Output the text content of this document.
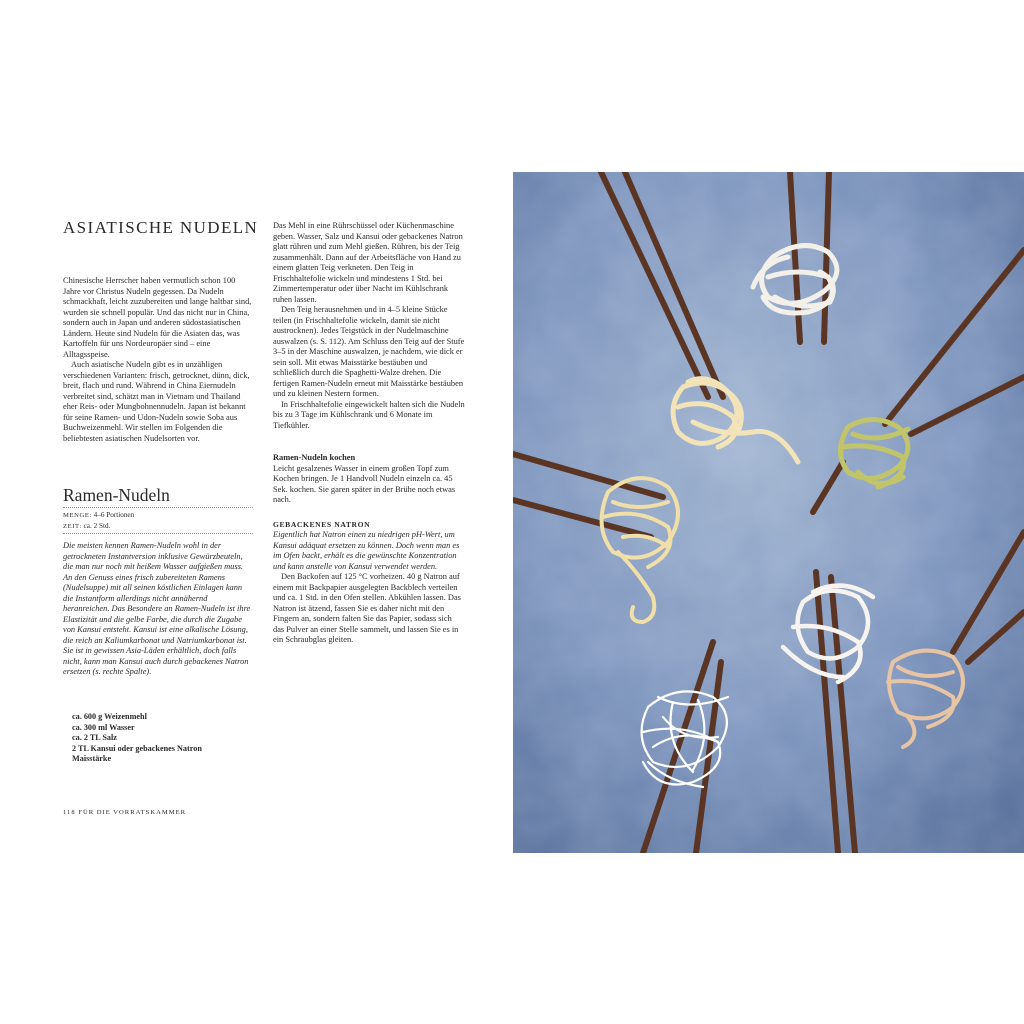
ASIATISCHE NUDELN

Chinesische Herrscher haben vermutlich schon 100 Jahre vor Christus Nudeln gegessen. Da Nudeln schmackhaft, leicht zuzubereiten und lange haltbar sind, wurden sie schnell populär. Und das nicht nur in China, sondern auch in Japan und anderen südostasiatischen Ländern. Heute sind Nudeln für die Asiaten das, was Kartoffeln für uns Nordeuropäer sind – eine Alltagsspeise.

Auch asiatische Nudeln gibt es in unzähligen verschiedenen Varianten: frisch, getrocknet, dünn, dick, breit, flach und rund. Während in China Eiernudeln verbreitet sind, schätzt man in Vietnam und Thailand eher Reis- oder Mungbohnennudeln. Japan ist bekannt für seine Ramen- und Udon-Nudeln sowie Soba aus Buchweizenmehl. Wir stellen im Folgenden die beliebtesten asiatischen Nudelsorten vor.

Ramen-Nudeln
MENGE: 4–6 Portionen
ZEIT: ca. 2 Std.

Die meisten kennen Ramen-Nudeln wohl in der getrockneten Instantversion inklusive Gewürzbeuteln, die man nur noch mit heißem Wasser aufgießen muss. An den Genuss eines frisch zubereiteten Ramens (Nudelsuppe) mit all seinen köstlichen Einlagen kann die Instantform allerdings nicht annähernd heranreichen. Das Besondere an Ramen-Nudeln ist ihre Elastizität und die gelbe Farbe, die durch die Zugabe von Kansui entsteht. Kansui ist eine alkalische Lösung, die reich an Kaliumkarbonat und Natriumkarbonat ist. Sie ist in gewissen Asia-Läden erhältlich, doch falls nicht, kann man Kansui auch durch gebackenes Natron ersetzen (s. rechte Spalte).

ca. 600 g Weizenmehl
ca. 300 ml Wasser
ca. 2 TL Salz
2 TL Kansui oder gebackenes Natron
Maisstärke

Das Mehl in eine Rührschüssel oder Küchenmaschine geben. Wasser, Salz und Kansui oder gebackenes Natron glatt rühren und zum Mehl gießen. Rühren, bis der Teig zusammenhält. Dann auf der Arbeitsfläche von Hand zu einem glatten Teig verkneten. Den Teig in Frischhaltefolie wickeln und mindestens 1 Std. bei Zimmertemperatur oder über Nacht im Kühlschrank ruhen lassen.

Den Teig herausnehmen und in 4–5 kleine Stücke teilen (in Frischhaltefolie wickeln, damit sie nicht austrocknen). Jedes Teigstück in der Nudelmaschine auswalzen (s. S. 112). Am Schluss den Teig auf der Stufe 3–5 in der Maschine auswalzen, je nachdem, wie dick er sein soll. Mit etwas Maisstärke bestäuben und schließlich durch die Spaghetti-Walze drehen. Die fertigen Ramen-Nudeln erneut mit Maisstärke bestäuben und zu kleinen Nestern formen.

In Frischhaltefolie eingewickelt halten sich die Nudeln bis zu 3 Tage im Kühlschrank und 6 Monate im Tiefkühler.

Ramen-Nudeln kochen

Leicht gesalzenes Wasser in einem großen Topf zum Kochen bringen. Je 1 Handvoll Nudeln einzeln ca. 45 Sek. kochen. Sie garen später in der Brühe noch etwas nach.

GEBACKENES NATRON

Eigentlich hat Natron einen zu niedrigen pH-Wert, um Kansui adäquat ersetzen zu können. Doch wenn man es im Ofen backt, erhält es die gewünschte Konzentration und kann anstelle von Kansui verwendet werden.

Den Backofen auf 125 °C vorheizen. 40 g Natron auf einem mit Backpapier ausgelegten Backblech verteilen und ca. 1 Std. in den Ofen stellen. Abkühlen lassen. Das Natron ist ätzend, fassen Sie es daher nicht mit den Fingern an, sondern falten Sie das Papier, sodass sich das Pulver an einer Stelle sammelt, und lassen Sie es in ein Schraubglas gleiten.

118 FÜR DIE VORRATSKAMMER
